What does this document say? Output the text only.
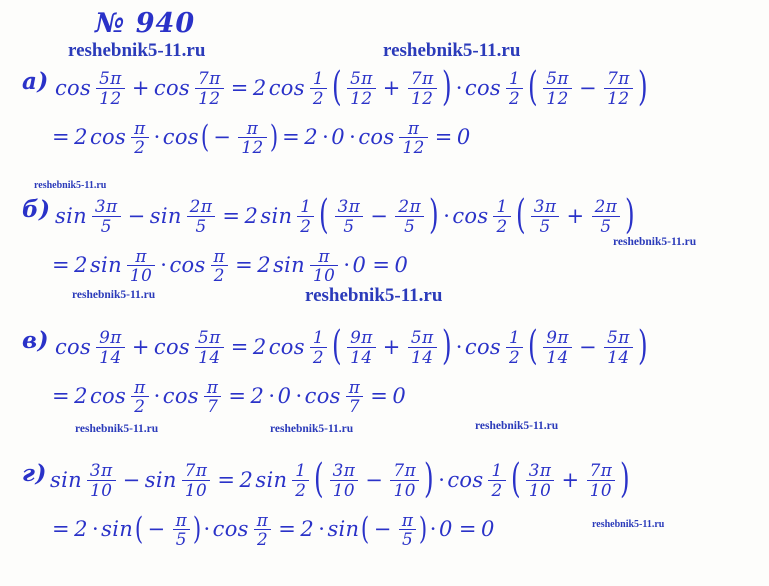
№ 940
reshebnik5-11.ru	reshebnik5-11.ru
reshebnik5-11.ru
reshebnik5-11.ru
reshebnik5-11.ru	reshebnik5-11.ru
reshebnik5-11.ru	reshebnik5-11.ru	reshebnik5-11.ru
reshebnik5-11.ru
а) $\cos \frac{5\pi}{12} + \cos \frac{7\pi}{12} = 2\cos \frac{1}{2}$ ( $\frac{5\pi}{12} + \frac{7\pi}{12}$ ) $\cdot\cos \frac{1}{2}$ ( $\frac{5\pi}{12} - \frac{7\pi}{12}$ )
= $2\cos \frac{\pi}{2} \cdot\cos( - \frac{\pi}{12}$ ) = $2 \cdot 0 \cdot\cos \frac{\pi}{12} = 0$
б) $\sin \frac{3\pi}{5} - \sin \frac{2\pi}{5} = 2\sin \frac{1}{2}$ ( $\frac{3\pi}{5} - \frac{2\pi}{5}$ ) $\cdot\cos \frac{1}{2}$ ( $\frac{3\pi}{5} + \frac{2\pi}{5}$ )
= $2\sin \frac{\pi}{10} \cdot\cos \frac{\pi}{2} = 2\sin \frac{\pi}{10} \cdot 0 = 0$
в) $\cos \frac{9\pi}{14} + \cos \frac{5\pi}{14} = 2\cos \frac{1}{2}$ ( $\frac{9\pi}{14} + \frac{5\pi}{14}$ ) $\cdot\cos \frac{1}{2}$ ( $\frac{9\pi}{14} - \frac{5\pi}{14}$ )
= $2\cos \frac{\pi}{2} \cdot\cos \frac{\pi}{7} = 2 \cdot 0 \cdot\cos \frac{\pi}{7} = 0$
г) $\sin \frac{3\pi}{10} - \sin \frac{7\pi}{10} = 2\sin \frac{1}{2}$ ( $\frac{3\pi}{10} - \frac{7\pi}{10}$ ) $\cdot\cos \frac{1}{2}$ ( $\frac{3\pi}{10} + \frac{7\pi}{10}$ )
= $2 \cdot\sin( - \frac{\pi}{5} )\cdot\cos \frac{\pi}{2} = 2 \cdot\sin( - \frac{\pi}{5} )\cdot 0 = 0$
